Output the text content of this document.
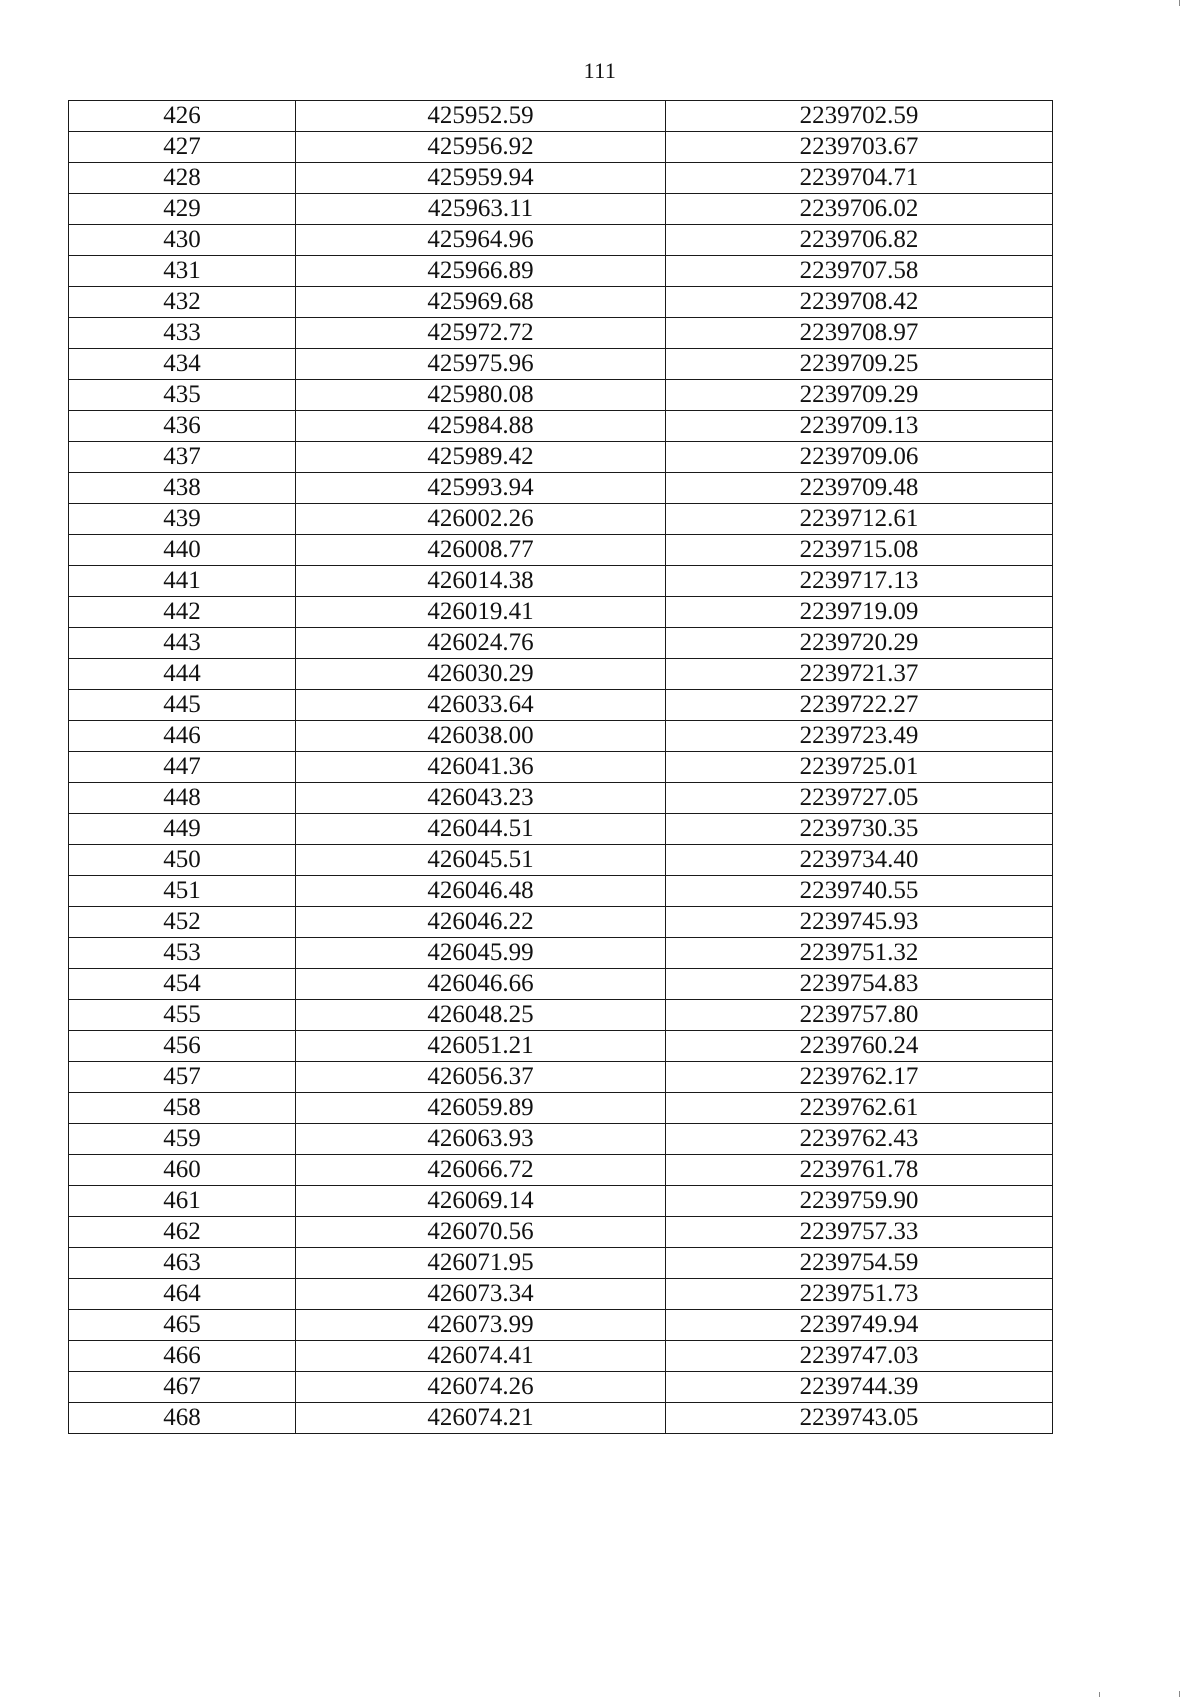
111
426	425952.59	2239702.59
427	425956.92	2239703.67
428	425959.94	2239704.71
429	425963.11	2239706.02
430	425964.96	2239706.82
431	425966.89	2239707.58
432	425969.68	2239708.42
433	425972.72	2239708.97
434	425975.96	2239709.25
435	425980.08	2239709.29
436	425984.88	2239709.13
437	425989.42	2239709.06
438	425993.94	2239709.48
439	426002.26	2239712.61
440	426008.77	2239715.08
441	426014.38	2239717.13
442	426019.41	2239719.09
443	426024.76	2239720.29
444	426030.29	2239721.37
445	426033.64	2239722.27
446	426038.00	2239723.49
447	426041.36	2239725.01
448	426043.23	2239727.05
449	426044.51	2239730.35
450	426045.51	2239734.40
451	426046.48	2239740.55
452	426046.22	2239745.93
453	426045.99	2239751.32
454	426046.66	2239754.83
455	426048.25	2239757.80
456	426051.21	2239760.24
457	426056.37	2239762.17
458	426059.89	2239762.61
459	426063.93	2239762.43
460	426066.72	2239761.78
461	426069.14	2239759.90
462	426070.56	2239757.33
463	426071.95	2239754.59
464	426073.34	2239751.73
465	426073.99	2239749.94
466	426074.41	2239747.03
467	426074.26	2239744.39
468	426074.21	2239743.05
